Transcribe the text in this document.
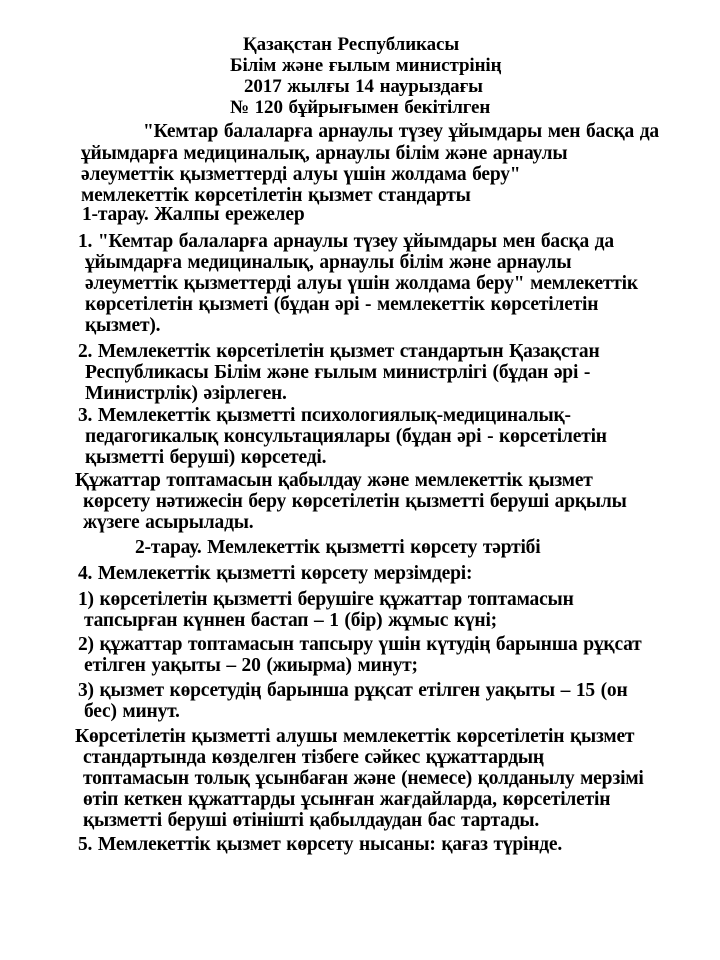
Қазақстан Республикасы
Білім және ғылым министрінің
2017 жылғы 14 наурыздағы
№ 120 бұйрығымен бекітілген
"Кемтар балаларға арнаулы түзеу ұйымдары мен басқа да
ұйымдарға медициналық, арнаулы білім және арнаулы
әлеуметтік қызметтерді алуы үшін жолдама беру"
мемлекеттік көрсетілетін қызмет стандарты
1-тарау. Жалпы ережелер
1. "Кемтар балаларға арнаулы түзеу ұйымдары мен басқа да
ұйымдарға медициналық, арнаулы білім және арнаулы
әлеуметтік қызметтерді алуы үшін жолдама беру" мемлекеттік
көрсетілетін қызметі (бұдан әрі - мемлекеттік көрсетілетін
қызмет).
2. Мемлекеттік көрсетілетін қызмет стандартын Қазақстан
Республикасы Білім және ғылым министрлігі (бұдан әрі -
Министрлік) әзірлеген.
3. Мемлекеттік қызметті психологиялық-медициналық-
педагогикалық консультациялары (бұдан әрі - көрсетілетін
қызметті беруші) көрсетеді.
Құжаттар топтамасын қабылдау және мемлекеттік қызмет
көрсету нәтижесін беру көрсетілетін қызметті беруші арқылы
жүзеге асырылады.
2-тарау. Мемлекеттік қызметті көрсету тәртібі
4. Мемлекеттік қызметті көрсету мерзімдері:
1) көрсетілетін қызметті берушіге құжаттар топтамасын
тапсырған күннен бастап – 1 (бір) жұмыс күні;
2) құжаттар топтамасын тапсыру үшін күтудің барынша рұқсат
етілген уақыты – 20 (жиырма) минут;
3) қызмет көрсетудің барынша рұқсат етілген уақыты – 15 (он
бес) минут.
Көрсетілетін қызметті алушы мемлекеттік көрсетілетін қызмет
стандартында көзделген тізбеге сәйкес құжаттардың
топтамасын толық ұсынбаған және (немесе) қолданылу мерзімі
өтіп кеткен құжаттарды ұсынған жағдайларда, көрсетілетін
қызметті беруші өтінішті қабылдаудан бас тартады.
5. Мемлекеттік қызмет көрсету нысаны: қағаз түрінде.
